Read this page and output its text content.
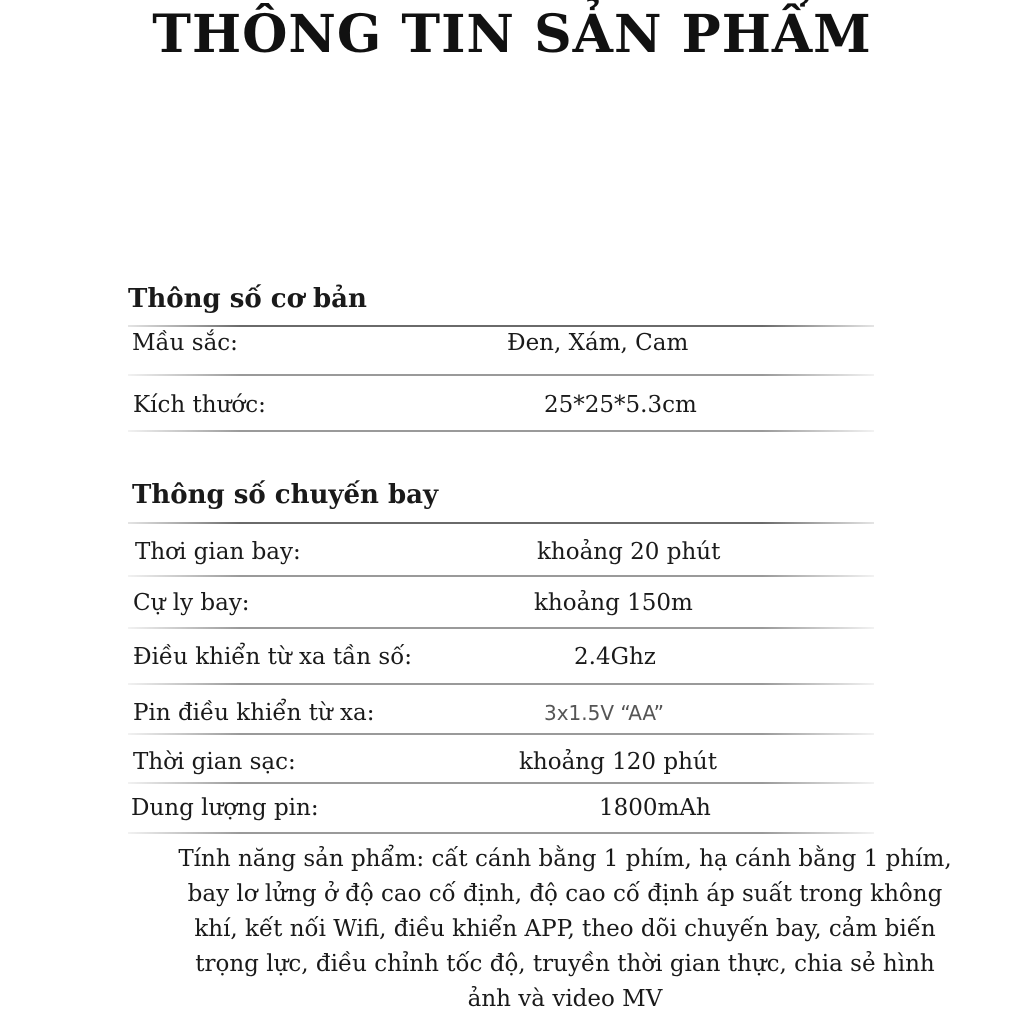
THÔNG TIN SẢN PHẨM
Thông số cơ bản
Mầu sắc:	Đen, Xám, Cam
Kích thước:	25*25*5.3cm
Thông số chuyến bay
Thơi gian bay:	khoảng 20 phút
Cự ly bay:	khoảng 150m
Điều khiển từ xa tần số:	2.4Ghz
Pin điều khiển từ xa:	3x1.5V “AA”
Thời gian sạc:	khoảng 120 phút
Dung lượng pin:	1800mAh
Tính năng sản phẩm: cất cánh bằng 1 phím, hạ cánh bằng 1 phím, bay lơ lửng ở độ cao cố định, độ cao cố định áp suất trong không khí, kết nối Wifi, điều khiển APP, theo dõi chuyến bay, cảm biến trọng lực, điều chỉnh tốc độ, truyền thời gian thực, chia sẻ hình ảnh và video MV
